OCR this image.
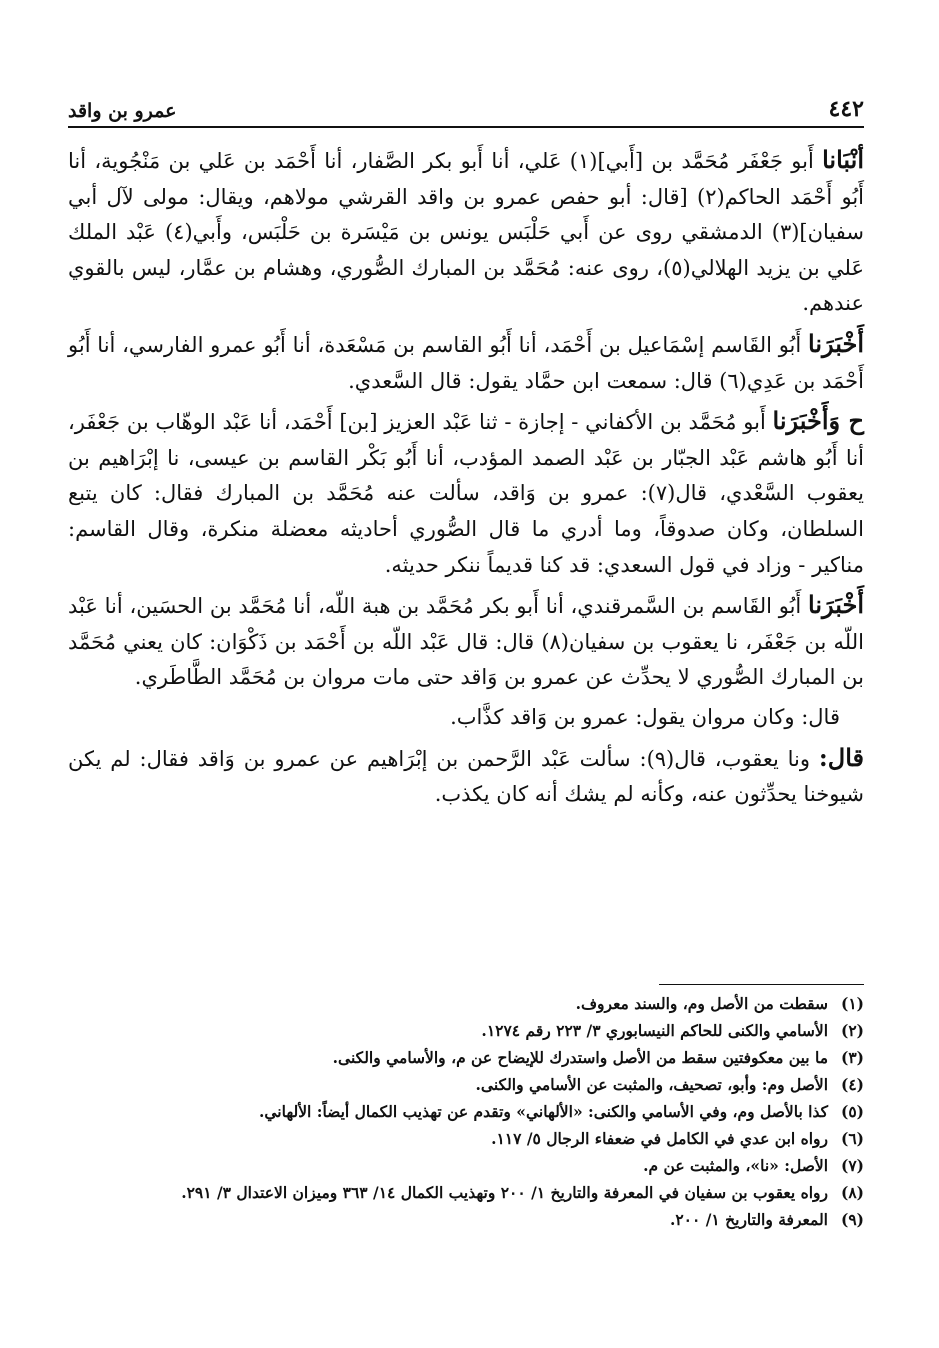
٤٤٢
عمرو بن واقد

أنْبَانا أَبو جَعْفَر مُحَمَّد بن [أَبي](١) عَلي، أنا أَبو بكر الصَّفار، أنا أَحْمَد بن عَلي بن مَنْجُوية، أنا أَبُو أَحْمَد الحاكم(٢) [قال: أبو حفص عمرو بن واقد القرشي مولاهم، ويقال: مولى لآل أبي سفيان](٣) الدمشقي روى عن أَبي حَلْبَس يونس بن مَيْسَرة بن حَلْبَس، وأَبي(٤) عَبْد الملك عَلي بن يزيد الهلالي(٥)، روى عنه: مُحَمَّد بن المبارك الصُّوري، وهشام بن عمَّار، ليس بالقوي عندهم.

أَخْبَرَنا أَبُو القَاسم إسْمَاعيل بن أَحْمَد، أنا أَبُو القاسم بن مَسْعَدة، أنا أَبُو عمرو الفارسي، أنا أَبُو أَحْمَد بن عَدِي(٦) قال: سمعت ابن حمَّاد يقول: قال السَّعدي.

ح وَأَخْبَرَنا أَبو مُحَمَّد بن الأكفاني - إجازة - ثنا عَبْد العزيز [بن] أَحْمَد، أنا عَبْد الوهّاب بن جَعْفَر، أنا أَبُو هاشم عَبْد الجبّار بن عَبْد الصمد المؤدب، أنا أَبُو بَكْر القاسم بن عيسى، نا إبْرَاهيم بن يعقوب السَّعْدي، قال(٧): عمرو بن وَاقد، سألت عنه مُحَمَّد بن المبارك فقال: كان يتبع السلطان، وكان صدوقاً، وما أدري ما قال الصُّوري أحاديثه معضلة منكرة، وقال القاسم: مناكير - وزاد في قول السعدي: قد كنا قديماً ننكر حديثه.

أَخْبَرَنا أَبُو القَاسم بن السَّمرقندي، أنا أَبو بكر مُحَمَّد بن هبة اللّه، أنا مُحَمَّد بن الحسَين، أنا عَبْد اللّه بن جَعْفَر، نا يعقوب بن سفيان(٨) قال: قال عَبْد اللّه بن أَحْمَد بن ذَكْوَان: كان يعني مُحَمَّد بن المبارك الصُّوري لا يحدِّث عن عمرو بن وَاقد حتى مات مروان بن مُحَمَّد الطَّاطَري.

قال: وكان مروان يقول: عمرو بن وَاقد كذَّاب.

قال: ونا يعقوب، قال(٩): سألت عَبْد الرَّحمن بن إبْرَاهيم عن عمرو بن وَاقد فقال: لم يكن شيوخنا يحدِّثون عنه، وكأنه لم يشك أنه كان يكذب.

(١)
سقطت من الأصل وم، والسند معروف.
(٢)
الأسامي والكنى للحاكم النيسابوري ٣/ ٢٢٣ رقم ١٢٧٤.
(٣)
ما بين معكوفتين سقط من الأصل واستدرك للإيضاح عن م، والأسامي والكنى.
(٤)
الأصل وم: وأبو، تصحيف، والمثبت عن الأسامي والكنى.
(٥)
كذا بالأصل وم، وفي الأسامي والكنى: «الألهاني» وتقدم عن تهذيب الكمال أيضاً: الألهاني.
(٦)
رواه ابن عدي في الكامل في ضعفاء الرجال ٥/ ١١٧.
(٧)
الأصل: «نا»، والمثبت عن م.
(٨)
رواه يعقوب بن سفيان في المعرفة والتاريخ ١/ ٢٠٠ وتهذيب الكمال ١٤/ ٣٦٣ وميزان الاعتدال ٣/ ٢٩١.
(٩)
المعرفة والتاريخ ١/ ٢٠٠.
